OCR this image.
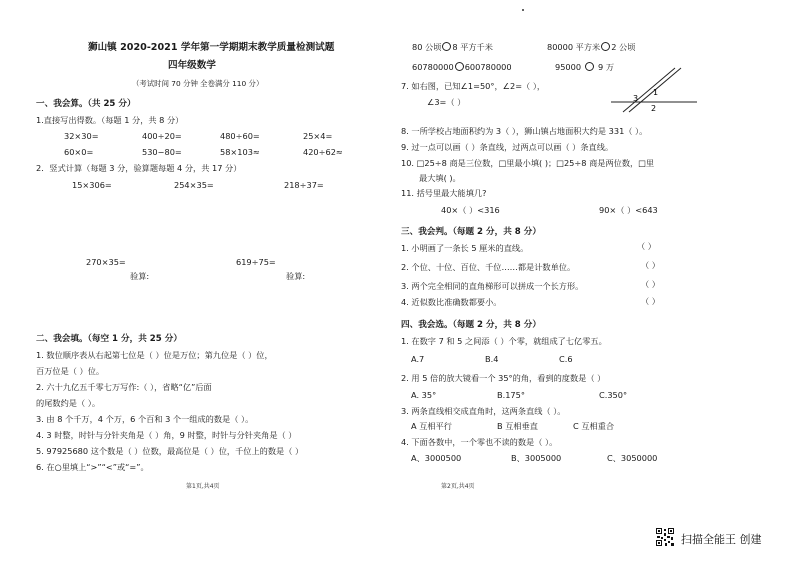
狮山镇 2020-2021 学年第一学期期末教学质量检测试题
四年级数学
（考试时间 70 分钟 全卷满分 110 分）
一、我会算。（共 25 分）
1.直接写出得数。（每题 1 分，共 8 分）
32×30=	400÷20=	480÷60=	25×4=
60×0=	530−80=	58×103≈	420÷62≈
2．竖式计算（每题 3 分，验算题每题 4 分，共 17 分）
15×306=	254×35=	218÷37=
270×35=	619÷75=
验算:	验算:
二、我会填。（每空 1 分，共 25 分）
1. 数位顺序表从右起第七位是（ ）位是万位；第九位是（ ）位，
百万位是（ ）位。
2. 六十九亿五千零七万写作:（ ），省略“亿”后面
的尾数约是（ ）。
3. 由 8 个千万，4 个万，6 个百和 3 个一组成的数是（ ）。
4. 3 时整，时针与分针夹角是（ ）角，9 时整，时针与分针夹角是（ ）
5. 97925680 这个数是（ ）位数，最高位是（ ）位，千位上的数是（ ）
6. 在○里填上“>”“<”或“=”。
第1页,共4页
80 公顷 8 平方千米	80000 平方米 2 公顷
60780000 600780000	95000 9 万
7. 如右图，已知∠1=50°，∠2=（ ），
∠3=（ ）	3
2
1
8. 一所学校占地面积约为 3（ ），狮山镇占地面积大约是 331（ ）。
9. 过一点可以画（ ）条直线，过两点可以画（ ）条直线。
10. □25÷8 商是三位数，□里最小填( )；□25÷8 商是两位数，□里
最大填( )。
11. 括号里最大能填几?
40×（ ）<316	90×（ ）<643
三、我会判。（每题 2 分，共 8 分）
1. 小明画了一条长 5 厘米的直线。
2. 个位、十位、百位、千位……都是计数单位。
3. 两个完全相同的直角梯形可以拼成一个长方形。
4. 近似数比准确数都要小。
（ ）
（ ）
（ ）
（ ）
四、我会选。（每题 2 分，共 8 分）
1. 在数字 7 和 5 之间添（ ）个零，就组成了七亿零五。
A.7	B.4	C.6
2. 用 5 倍的放大镜看一个 35°的角，看到的度数是（ ）
A. 35°	B.175°	C.350°
3. 两条直线相交成直角时，这两条直线（ ）。
A 互相平行	B 互相垂直	C 互相重合
4. 下面各数中，一个零也不读的数是（ ）。
A、3000500	B、3005000	C、3050000
第2页,共4页
扫描全能王 创建
